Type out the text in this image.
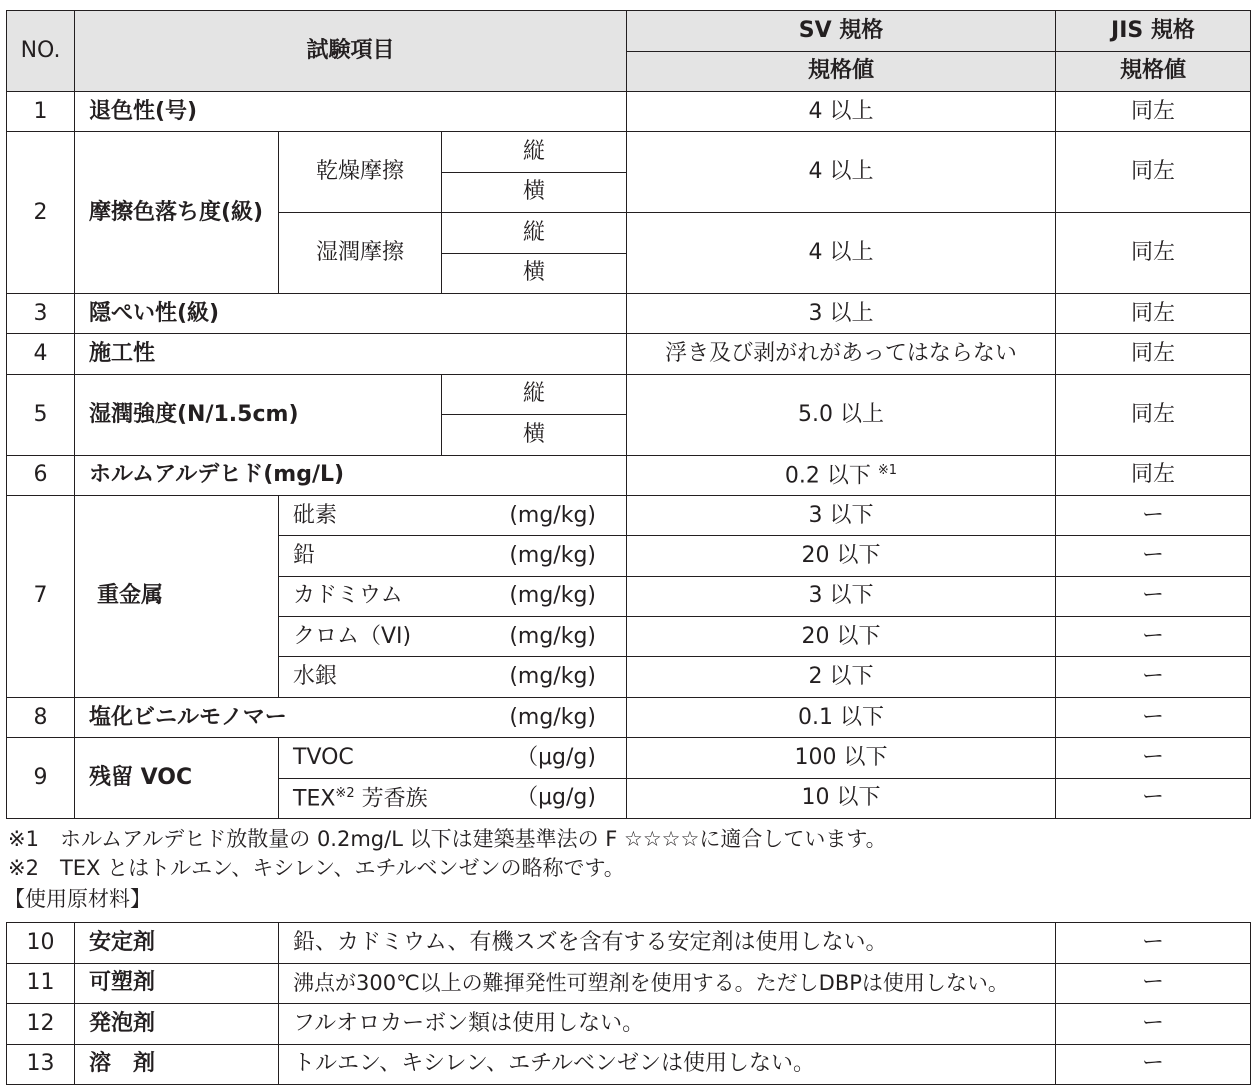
NO.	試験項目			SV 規格	JIS 規格
				規格値	規格値
1	退色性(号)			4 以上	同左
2	摩擦色落ち度(級)	乾燥摩擦	縦	4 以上	同左
			横		
		湿潤摩擦	縦	4 以上	同左
			横		
3	隠ぺい性(級)			3 以上	同左
4	施工性			浮き及び剥がれがあってはならない	同左
5	湿潤強度(N/1.5cm)		縦	5.0 以上	同左
			横		
6	ホルムアルデヒド(mg/L)			0.2 以下 $^{※1}$	同左
7	重金属	砒素 (mg/kg)		3 以下	ー

		鉛 (mg/kg)		20 以下	ー

		カドミウム (mg/kg)		3 以下	ー

		クロム（VI) (mg/kg)		20 以下	ー

		水銀 (mg/kg)		2 以下	ー
8	塩化ビニルモノマー (mg/kg)			0.1 以下	ー
9	残留 VOC	TVOC （μg/g)		100 以下	ー

		TEX$^{※2}$ 芳香族 （μg/g)		10 以下	ー
※1　ホルムアルデヒド放散量の 0.2mg/L 以下は建築基準法の F ☆☆☆☆に適合しています。
※2　TEX とはトルエン、キシレン、エチルベンゼンの略称です。
【使用原材料】
10	安定剤	鉛、カドミウム、有機スズを含有する安定剤は使用しない。	ー
11	可塑剤	沸点が300℃以上の難揮発性可塑剤を使用する。ただしDBPは使用しない。	ー
12	発泡剤	フルオロカーボン類は使用しない。	ー
13	溶　剤	トルエン、キシレン、エチルベンゼンは使用しない。	ー
